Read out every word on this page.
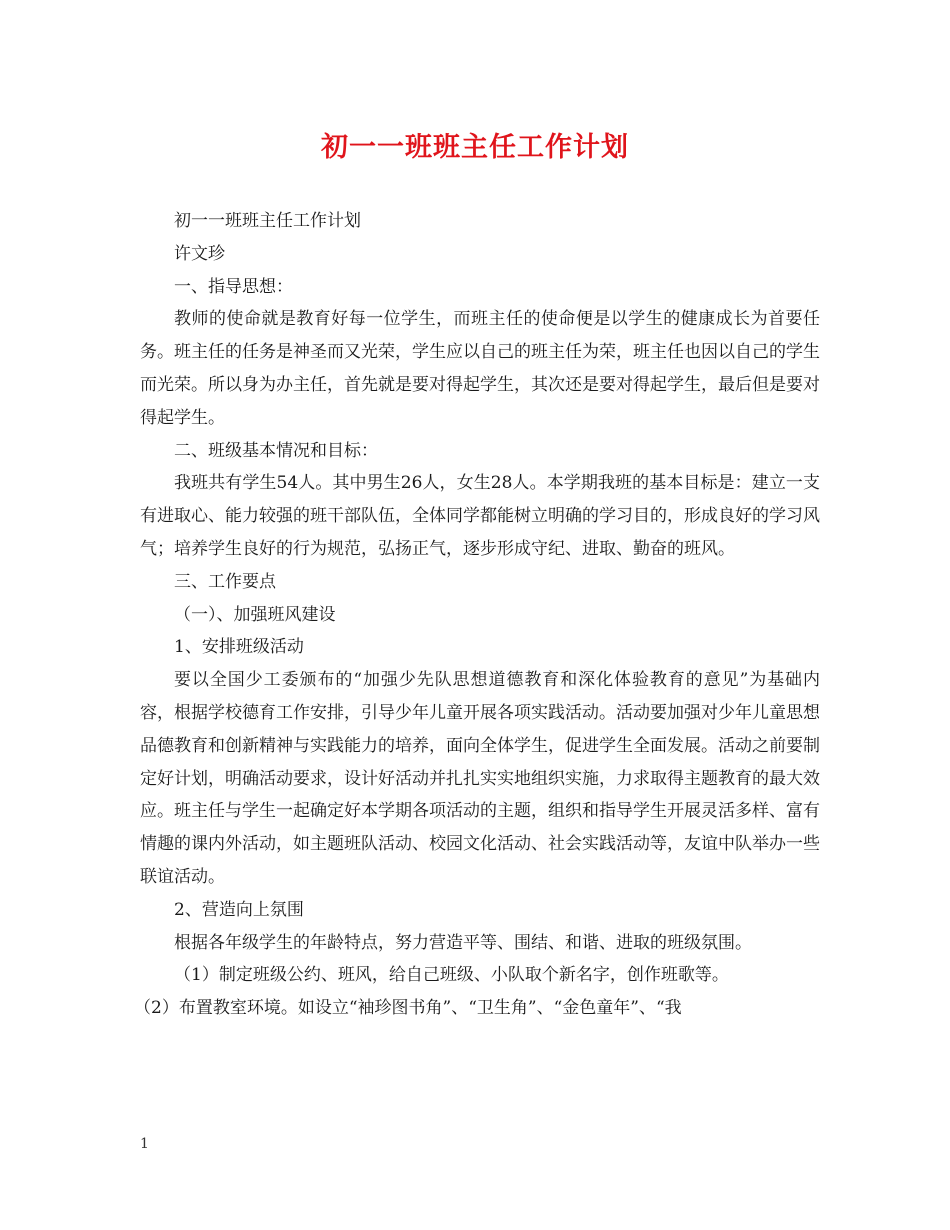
初一一班班主任工作计划

初一一班班主任工作计划

许文珍

一、指导思想：

教师的使命就是教育好每一位学生，而班主任的使命便是以学生的健康成长为首要任务。班主任的任务是神圣而又光荣，学生应以自己的班主任为荣，班主任也因以自己的学生而光荣。所以身为办主任，首先就是要对得起学生，其次还是要对得起学生，最后但是要对得起学生。

二、班级基本情况和目标：

我班共有学生54人。其中男生26人，女生28人。本学期我班的基本目标是：建立一支有进取心、能力较强的班干部队伍，全体同学都能树立明确的学习目的，形成良好的学习风气；培养学生良好的行为规范，弘扬正气，逐步形成守纪、进取、勤奋的班风。

三、工作要点

（一）、加强班风建设

1、安排班级活动

要以全国少工委颁布的“加强少先队思想道德教育和深化体验教育的意见”为基础内容，根据学校德育工作安排，引导少年儿童开展各项实践活动。活动要加强对少年儿童思想品德教育和创新精神与实践能力的培养，面向全体学生，促进学生全面发展。活动之前要制定好计划，明确活动要求，设计好活动并扎扎实实地组织实施，力求取得主题教育的最大效应。班主任与学生一起确定好本学期各项活动的主题，组织和指导学生开展灵活多样、富有情趣的课内外活动，如主题班队活动、校园文化活动、社会实践活动等，友谊中队举办一些联谊活动。

2、营造向上氛围

根据各年级学生的年龄特点，努力营造平等、围结、和谐、进取的班级氛围。

（1）制定班级公约、班风，给自己班级、小队取个新名字，创作班歌等。

（2）布置教室环境。如设立“袖珍图书角”、“卫生角”、“金色童年”、“我

1
